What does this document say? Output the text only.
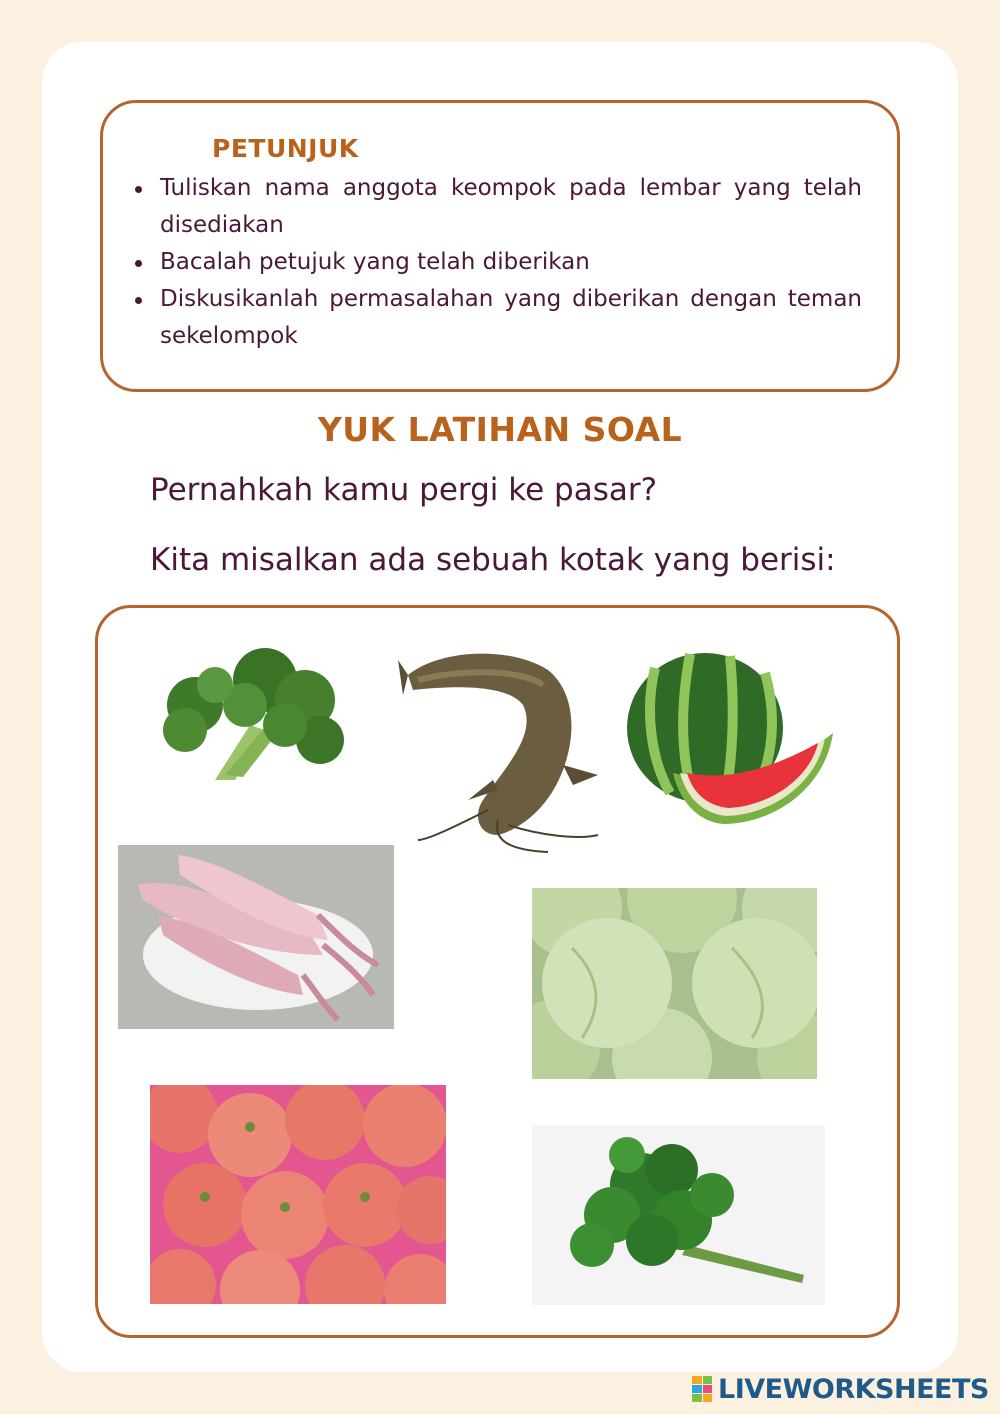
PETUNJUK
Tuliskan nama anggota keompok pada lembar yang telah disediakan
Bacalah petujuk yang telah diberikan
Diskusikanlah permasalahan yang diberikan dengan teman sekelompok
YUK LATIHAN SOAL
Pernahkah kamu pergi ke pasar?
Kita misalkan ada sebuah kotak yang berisi:
LIVEWORKSHEETS
